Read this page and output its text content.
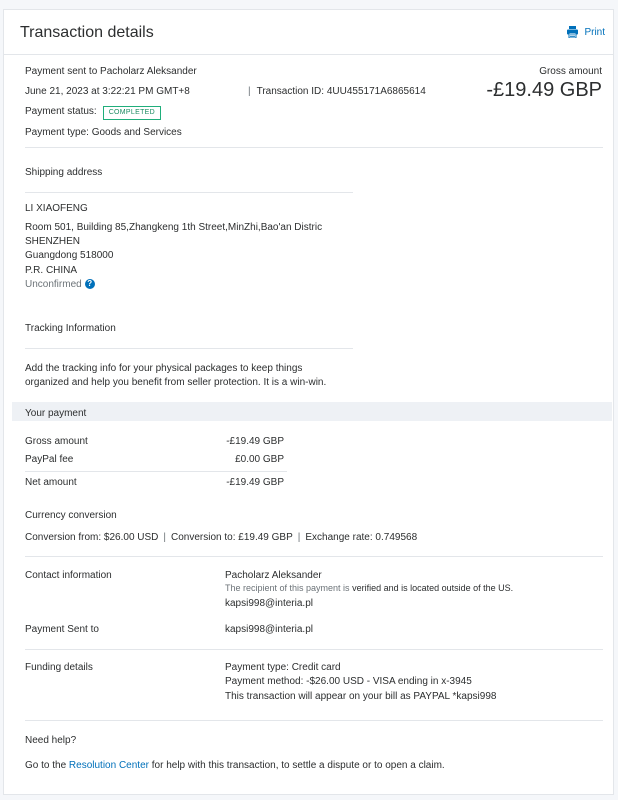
Transaction details	Print
Payment sent to Pacholarz Aleksander
June 21, 2023 at 3:22:21 PM GMT+8	| Transaction ID: 4UU455171A6865614
Payment status: COMPLETED
Payment type: Goods and Services
Gross amount
-£19.49 GBP
Shipping address
LI XIAOFENG
Room 501, Building 85,Zhangkeng 1th Street,MinZhi,Bao'an Distric
SHENZHEN
Guangdong 518000
P.R. CHINA
Unconfirmed ?
Tracking Information
Add the tracking info for your physical packages to keep things
organized and help you benefit from seller protection. It is a win-win.
Your payment
Gross amount	-£19.49 GBP
PayPal fee	£0.00 GBP
Net amount	-£19.49 GBP
Currency conversion
Conversion from: $26.00 USD | Conversion to: £19.49 GBP | Exchange rate: 0.749568
Contact information	Pacholarz Aleksander
The recipient of this payment is verified and is located outside of the US.
kapsi998@interia.pl
Payment Sent to	kapsi998@interia.pl
Funding details	Payment type: Credit card
Payment method: -$26.00 USD - VISA ending in x-3945
This transaction will appear on your bill as PAYPAL *kapsi998
Need help?
Go to the Resolution Center for help with this transaction, to settle a dispute or to open a claim.
